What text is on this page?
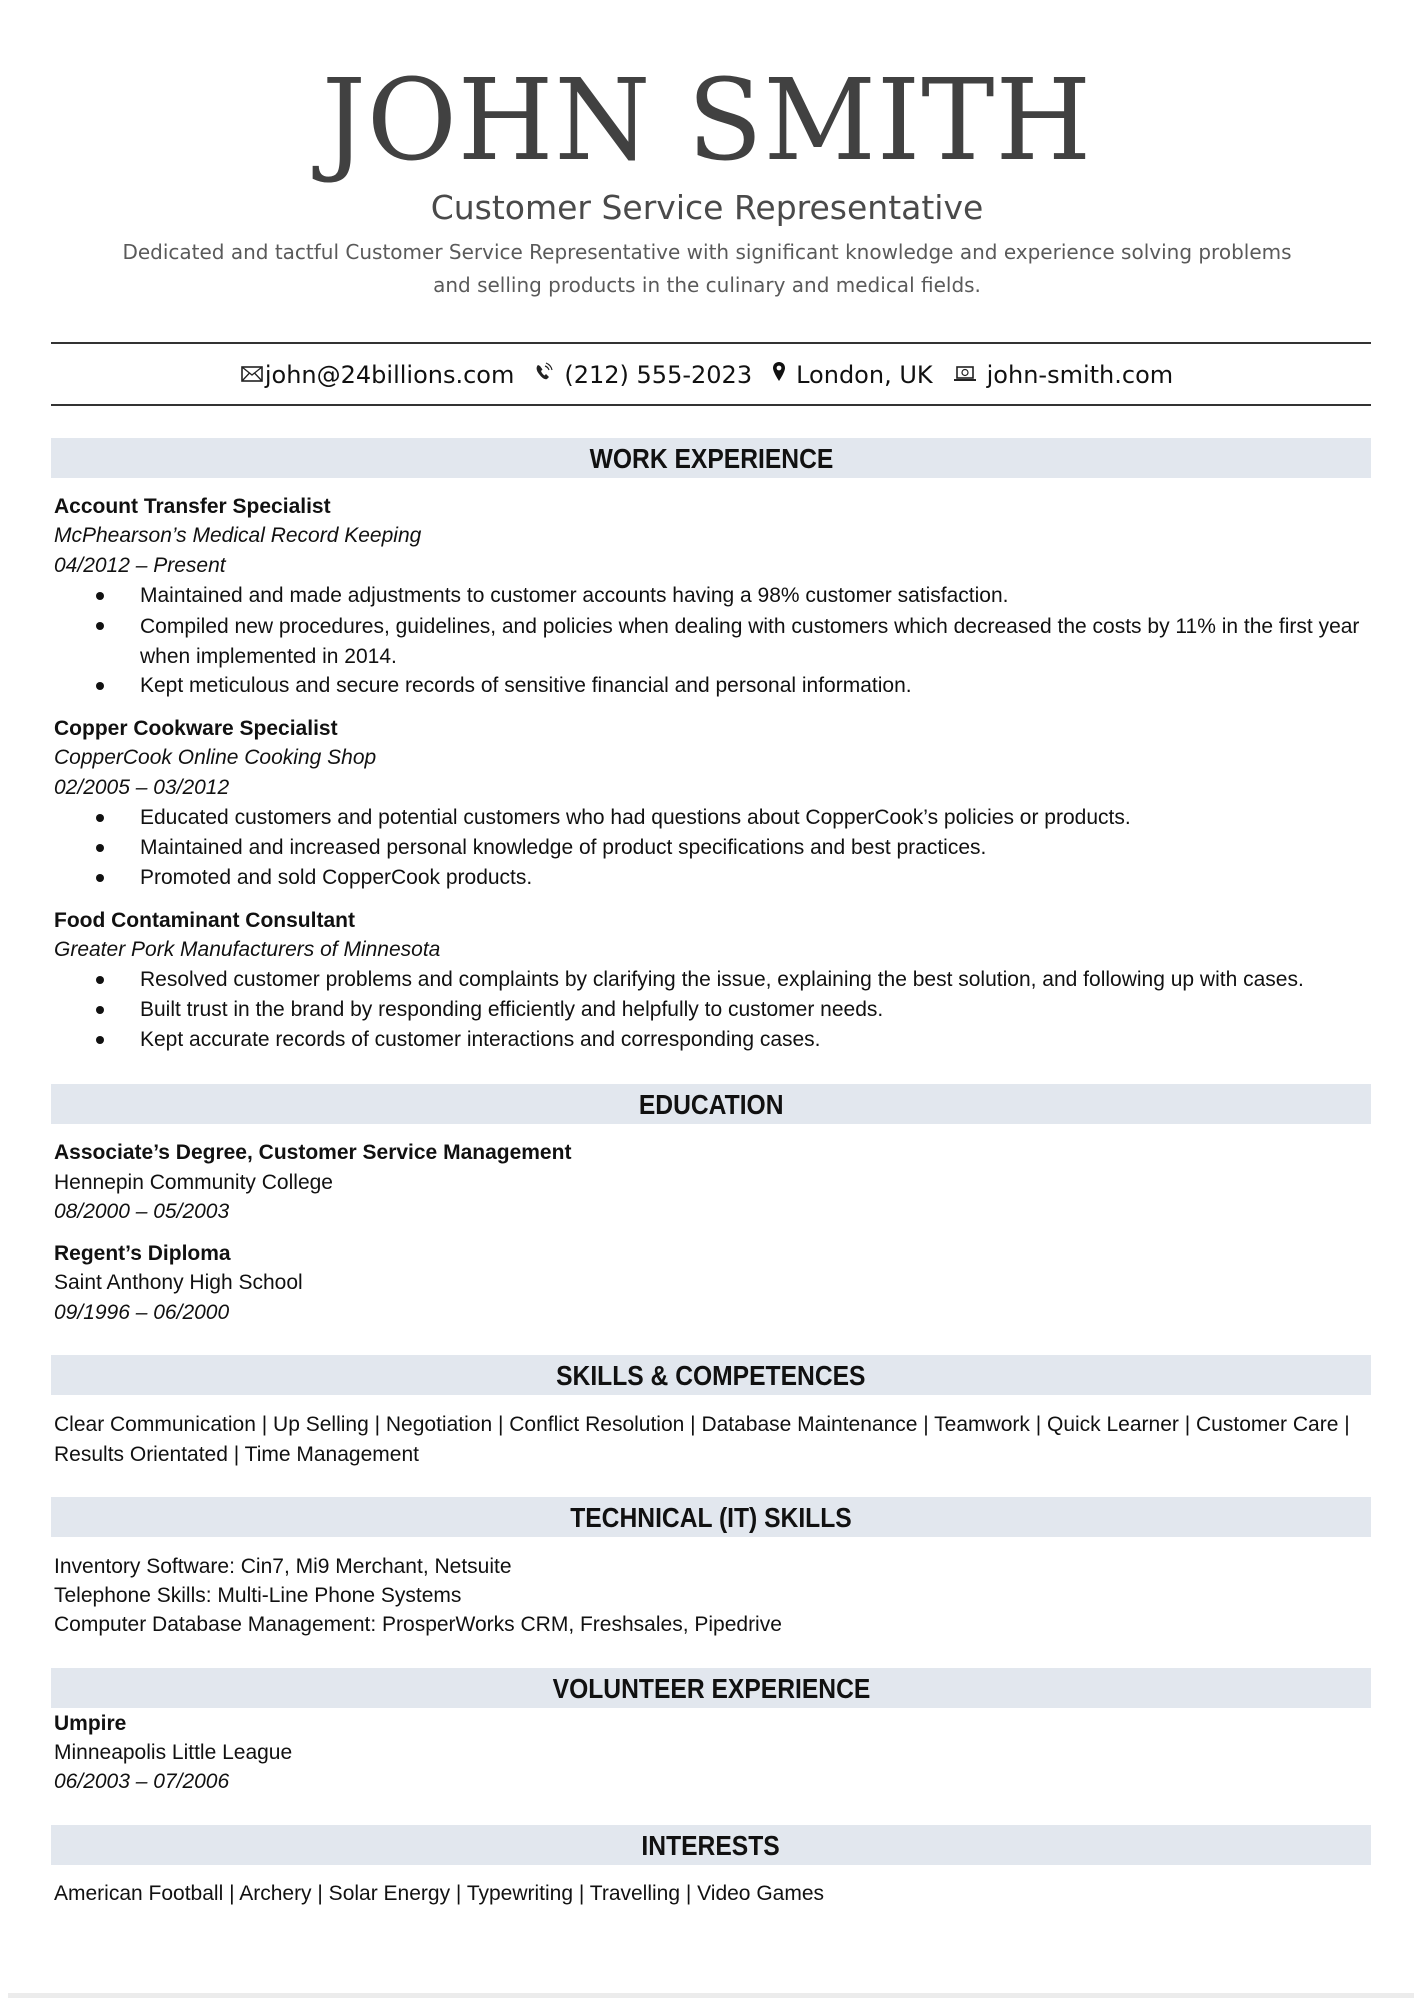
JOHN SMITH
Customer Service Representative
Dedicated and tactful Customer Service Representative with significant knowledge and experience solving problems and selling products in the culinary and medical fields.
john@24billions.com (212) 555-2023 London, UK john-smith.com
WORK EXPERIENCE
Account Transfer Specialist
McPhearson’s Medical Record Keeping
04/2012 – Present
Maintained and made adjustments to customer accounts having a 98% customer satisfaction.
Compiled new procedures, guidelines, and policies when dealing with customers which decreased the costs by 11% in the first year when implemented in 2014.
Kept meticulous and secure records of sensitive financial and personal information.
Copper Cookware Specialist
CopperCook Online Cooking Shop
02/2005 – 03/2012
Educated customers and potential customers who had questions about CopperCook’s policies or products.
Maintained and increased personal knowledge of product specifications and best practices.
Promoted and sold CopperCook products.
Food Contaminant Consultant
Greater Pork Manufacturers of Minnesota
Resolved customer problems and complaints by clarifying the issue, explaining the best solution, and following up with cases.
Built trust in the brand by responding efficiently and helpfully to customer needs.
Kept accurate records of customer interactions and corresponding cases.
EDUCATION
Associate’s Degree, Customer Service Management
Hennepin Community College
08/2000 – 05/2003
Regent’s Diploma
Saint Anthony High School
09/1996 – 06/2000
SKILLS & COMPETENCES
Clear Communication | Up Selling | Negotiation | Conflict Resolution | Database Maintenance | Teamwork | Quick Learner | Customer Care | Results Orientated | Time Management
TECHNICAL (IT) SKILLS
Inventory Software: Cin7, Mi9 Merchant, Netsuite
Telephone Skills: Multi-Line Phone Systems
Computer Database Management: ProsperWorks CRM, Freshsales, Pipedrive
VOLUNTEER EXPERIENCE
Umpire
Minneapolis Little League
06/2003 – 07/2006
INTERESTS
American Football | Archery | Solar Energy | Typewriting | Travelling | Video Games
